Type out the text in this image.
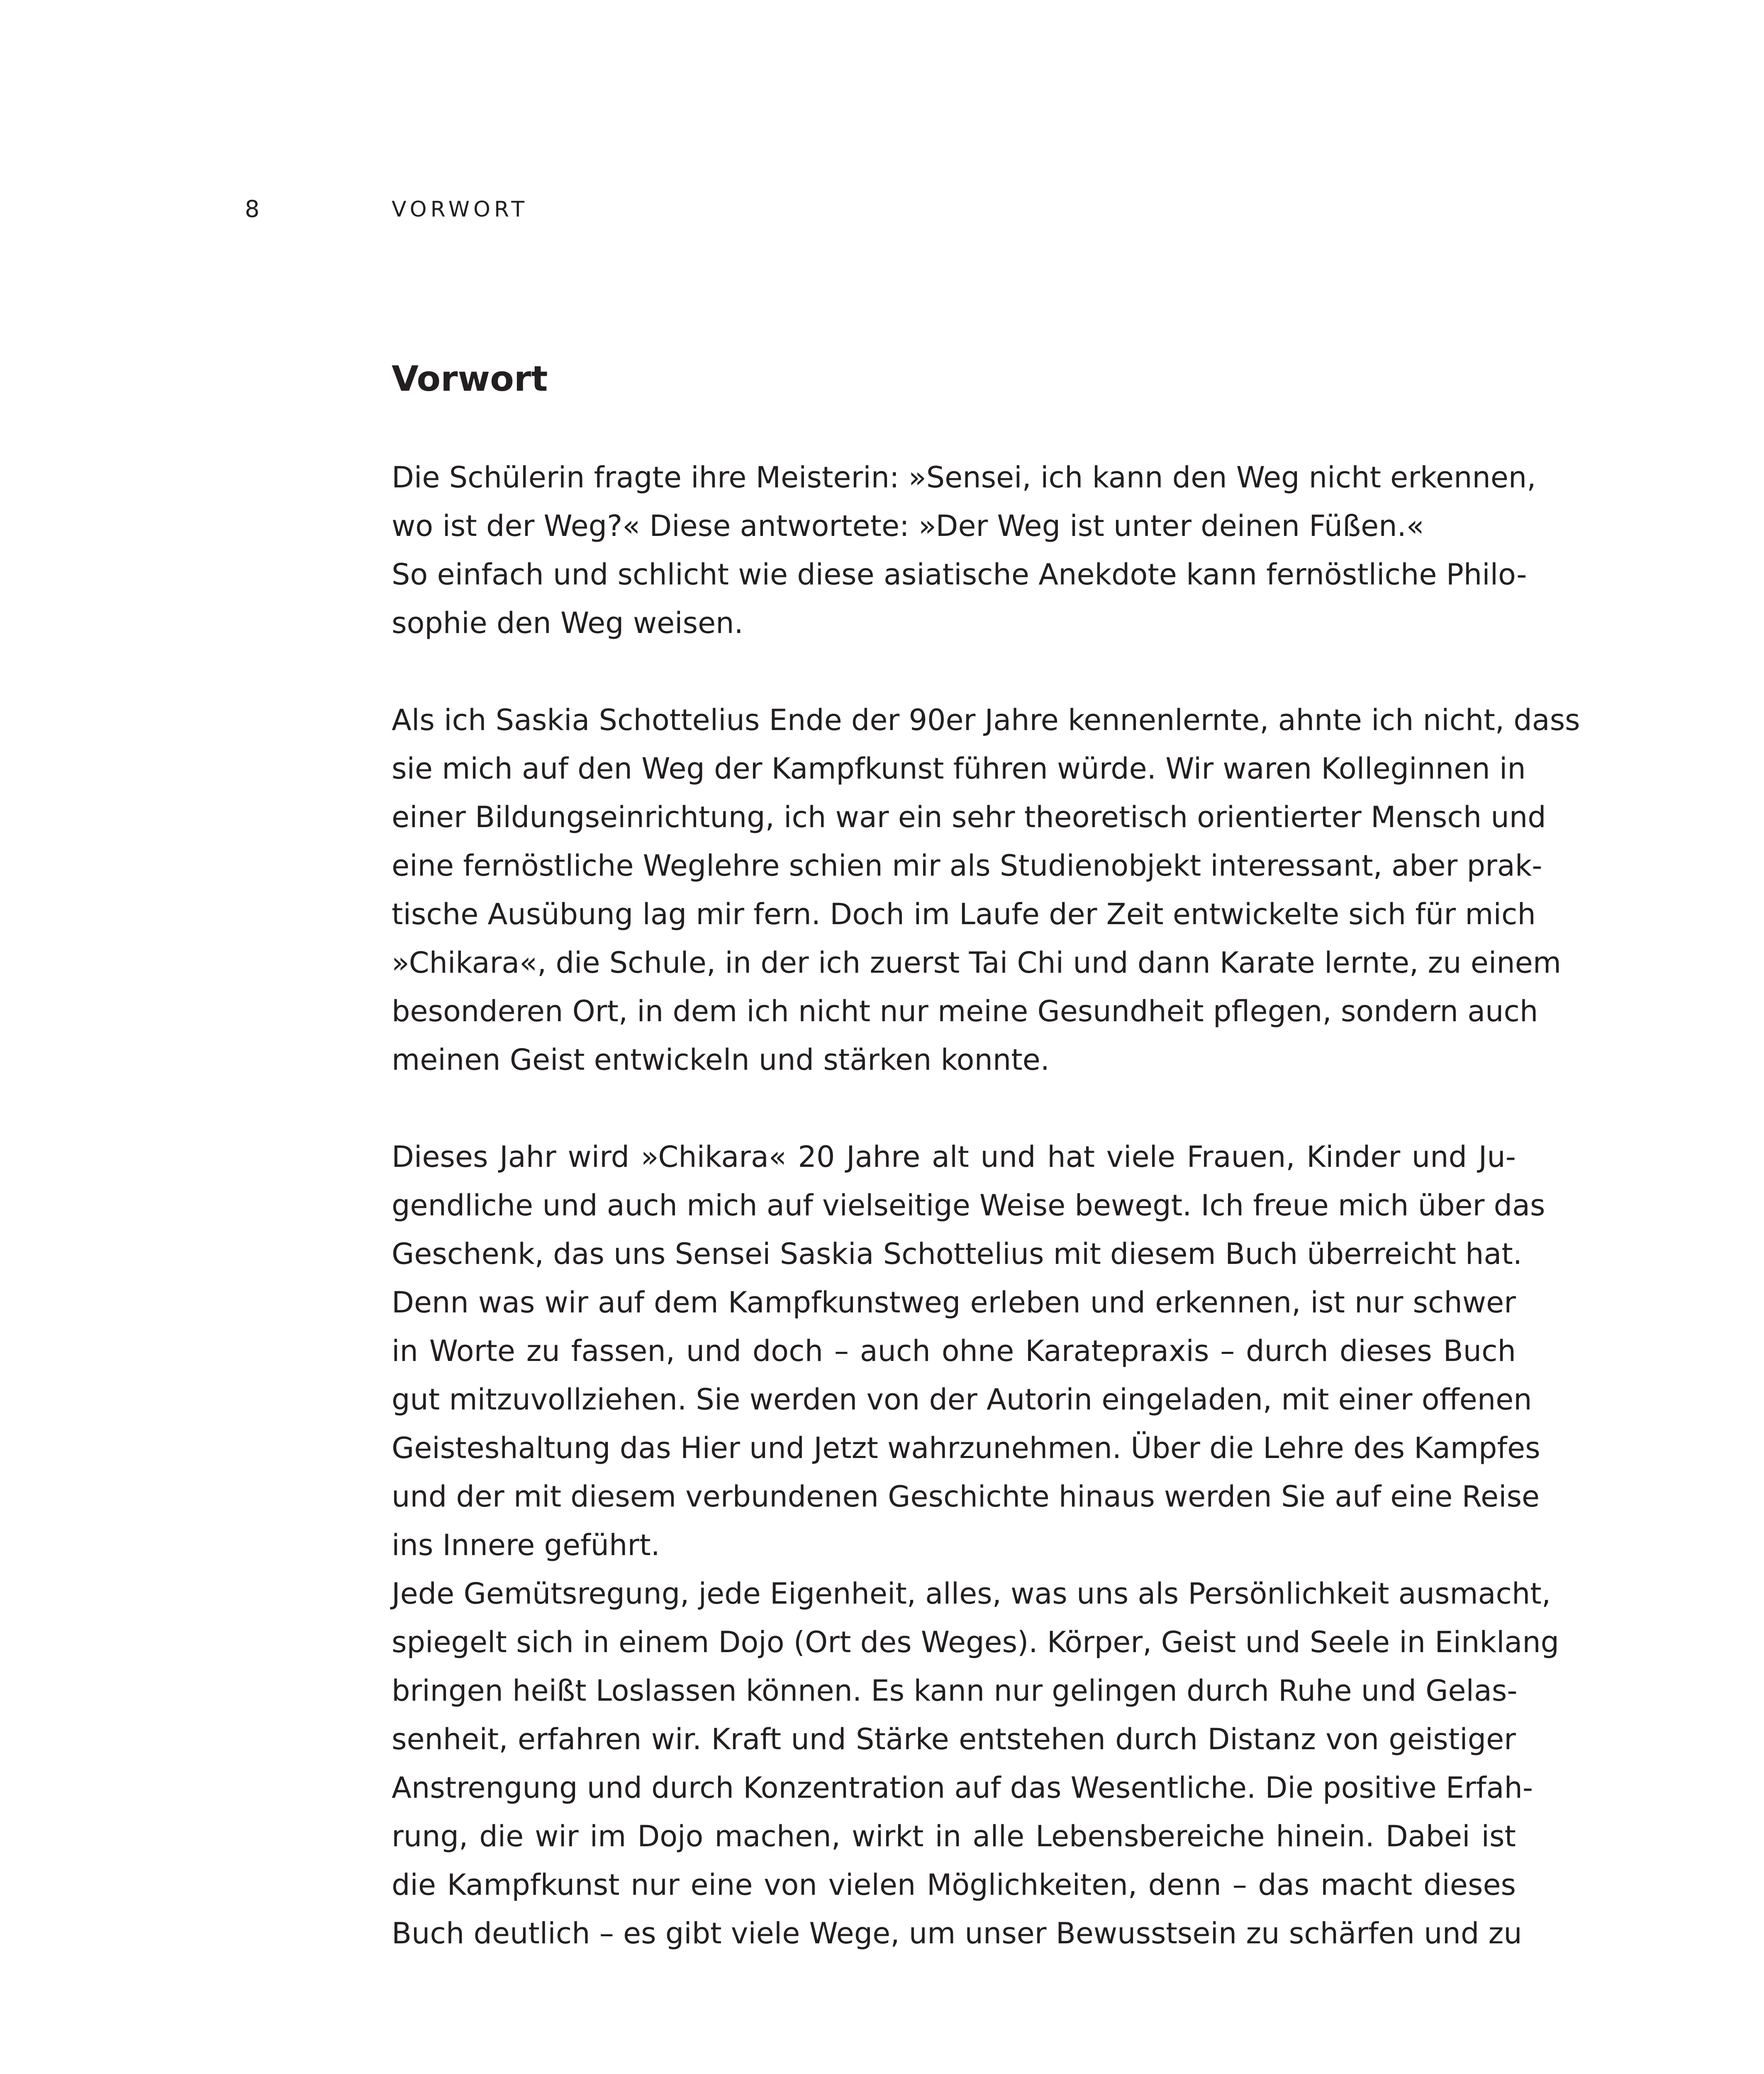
8	VORWORT
Vorwort
Die Schülerin fragte ihre Meisterin: »Sensei, ich kann den Weg nicht erkennen,
wo ist der Weg?« Diese antwortete: »Der Weg ist unter deinen Füßen.«
So einfach und schlicht wie diese asiatische Anekdote kann fernöstliche Philo-
sophie den Weg weisen.
Als ich Saskia Schottelius Ende der 90er Jahre kennenlernte, ahnte ich nicht, dass
sie mich auf den Weg der Kampfkunst führen würde. Wir waren Kolleginnen in
einer Bildungseinrichtung, ich war ein sehr theoretisch orientierter Mensch und
eine fernöstliche Weglehre schien mir als Studienobjekt interessant, aber prak-
tische Ausübung lag mir fern. Doch im Laufe der Zeit entwickelte sich für mich
»Chikara«, die Schule, in der ich zuerst Tai Chi und dann Karate lernte, zu einem
besonderen Ort, in dem ich nicht nur meine Gesundheit pflegen, sondern auch
meinen Geist entwickeln und stärken konnte.
Dieses Jahr wird »Chikara« 20 Jahre alt und hat viele Frauen, Kinder und Ju-
gendliche und auch mich auf vielseitige Weise bewegt. Ich freue mich über das
Geschenk, das uns Sensei Saskia Schottelius mit diesem Buch überreicht hat.
Denn was wir auf dem Kampfkunstweg erleben und erkennen, ist nur schwer
in Worte zu fassen, und doch – auch ohne Karatepraxis – durch dieses Buch
gut mitzuvollziehen. Sie werden von der Autorin eingeladen, mit einer offenen
Geisteshaltung das Hier und Jetzt wahrzunehmen. Über die Lehre des Kampfes
und der mit diesem verbundenen Geschichte hinaus werden Sie auf eine Reise
ins Innere geführt.
Jede Gemütsregung, jede Eigenheit, alles, was uns als Persönlichkeit ausmacht,
spiegelt sich in einem Dojo (Ort des Weges). Körper, Geist und Seele in Einklang
bringen heißt Loslassen können. Es kann nur gelingen durch Ruhe und Gelas-
senheit, erfahren wir. Kraft und Stärke entstehen durch Distanz von geistiger
Anstrengung und durch Konzentration auf das Wesentliche. Die positive Erfah-
rung, die wir im Dojo machen, wirkt in alle Lebensbereiche hinein. Dabei ist
die Kampfkunst nur eine von vielen Möglichkeiten, denn – das macht dieses
Buch deutlich – es gibt viele Wege, um unser Bewusstsein zu schärfen und zu
